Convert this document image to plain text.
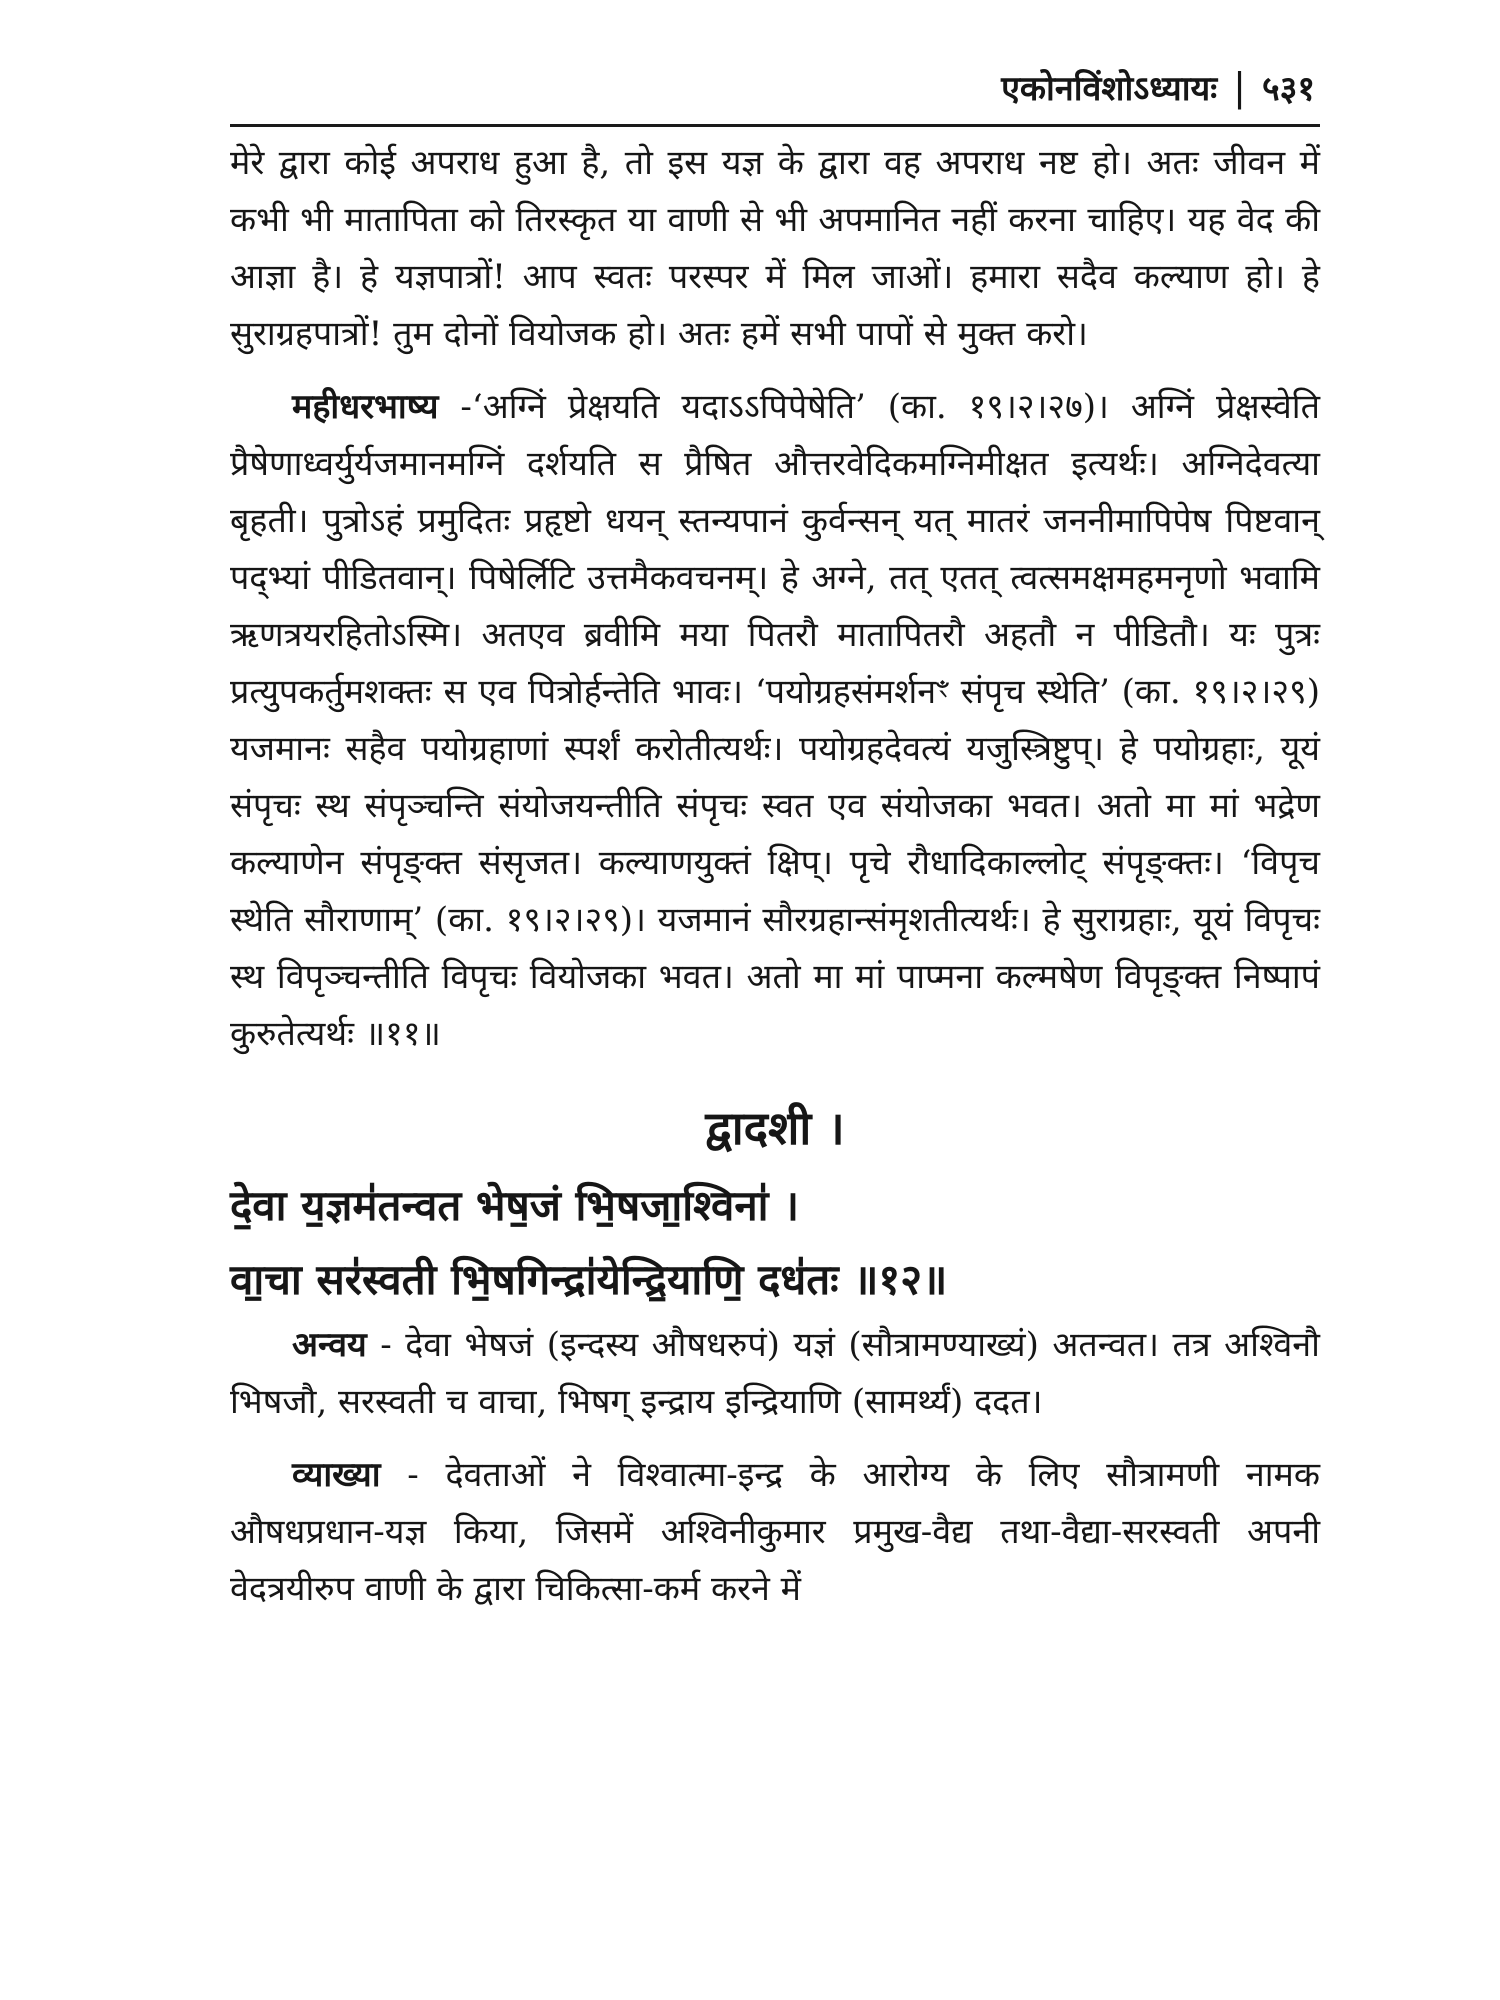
एकोनविंशोऽध्यायः | ५३१

मेरे द्वारा कोई अपराध हुआ है, तो इस यज्ञ के द्वारा वह अपराध नष्ट हो। अतः जीवन में कभी भी मातापिता को तिरस्कृत या वाणी से भी अपमानित नहीं करना चाहिए। यह वेद की आज्ञा है। हे यज्ञपात्रों! आप स्वतः परस्पर में मिल जाओं। हमारा सदैव कल्याण हो। हे सुराग्रहपात्रों! तुम दोनों वियोजक हो। अतः हमें सभी पापों से मुक्त करो।

महीधरभाष्य -‘अग्निं प्रेक्षयति यदाऽऽपिपेषेति’ (का. १९।२।२७)। अग्निं प्रेक्षस्वेति प्रैषेणाध्वर्युर्यजमानमग्निं दर्शयति स प्रैषित औत्तरवेदिकमग्निमीक्षत इत्यर्थः। अग्निदेवत्या बृहती। पुत्रोऽहं प्रमुदितः प्रहृष्टो धयन् स्तन्यपानं कुर्वन्सन् यत् मातरं जननीमापिपेष पिष्टवान् पद्भ्यां पीडितवान्। पिषेर्लिटि उत्तमैकवचनम्। हे अग्ने, तत् एतत् त्वत्समक्षमहमनृणो भवामि ऋणत्रयरहितोऽस्मि। अतएव ब्रवीमि मया पितरौ मातापितरौ अहतौ न पीडितौ। यः पुत्रः प्रत्युपकर्तुमशक्तः स एव पित्रोर्हन्तेति भावः। ‘पयोग्रहसंमर्शनꣳ संपृच स्थेति’ (का. १९।२।२९) यजमानः सहैव पयोग्रहाणां स्पर्शं करोतीत्यर्थः। पयोग्रहदेवत्यं यजुस्त्रिष्टुप्। हे पयोग्रहाः, यूयं संपृचः स्थ संपृञ्चन्ति संयोजयन्तीति संपृचः स्वत एव संयोजका भवत। अतो मा मां भद्रेण कल्याणेन संपृङ्क्त संसृजत। कल्याणयुक्तं क्षिप्। पृचे रौधादिकाल्लोट् संपृङ्क्तः। ‘विपृच स्थेति सौराणाम्’ (का. १९।२।२९)। यजमानं सौरग्रहान्संमृशतीत्यर्थः। हे सुराग्रहाः, यूयं विपृचः स्थ विपृञ्चन्तीति विपृचः वियोजका भवत। अतो मा मां पाप्मना कल्मषेण विपृङ्क्त निष्पापं कुरुतेत्यर्थः ॥११॥

द्वादशी ।
दे॒वा य॒ज्ञम॑तन्वत भेष॒जं भि॒षजा॒श्विना॑ ।
वा॒चा सर॑स्वती भि॒षगिन्द्रा॑येन्द्रि॒याणि॒ दध॑तः ॥१२॥

अन्वय - देवा भेषजं (इन्दस्य औषधरुपं) यज्ञं (सौत्रामण्याख्यं) अतन्वत। तत्र अश्विनौ भिषजौ, सरस्वती च वाचा, भिषग् इन्द्राय इन्द्रियाणि (सामर्थ्यं) ददत।

व्याख्या - देवताओं ने विश्वात्मा-इन्द्र के आरोग्य के लिए सौत्रामणी नामक औषधप्रधान-यज्ञ किया, जिसमें अश्विनीकुमार प्रमुख-वैद्य तथा-वैद्या-सरस्वती अपनी वेदत्रयीरुप वाणी के द्वारा चिकित्सा-कर्म करने में
